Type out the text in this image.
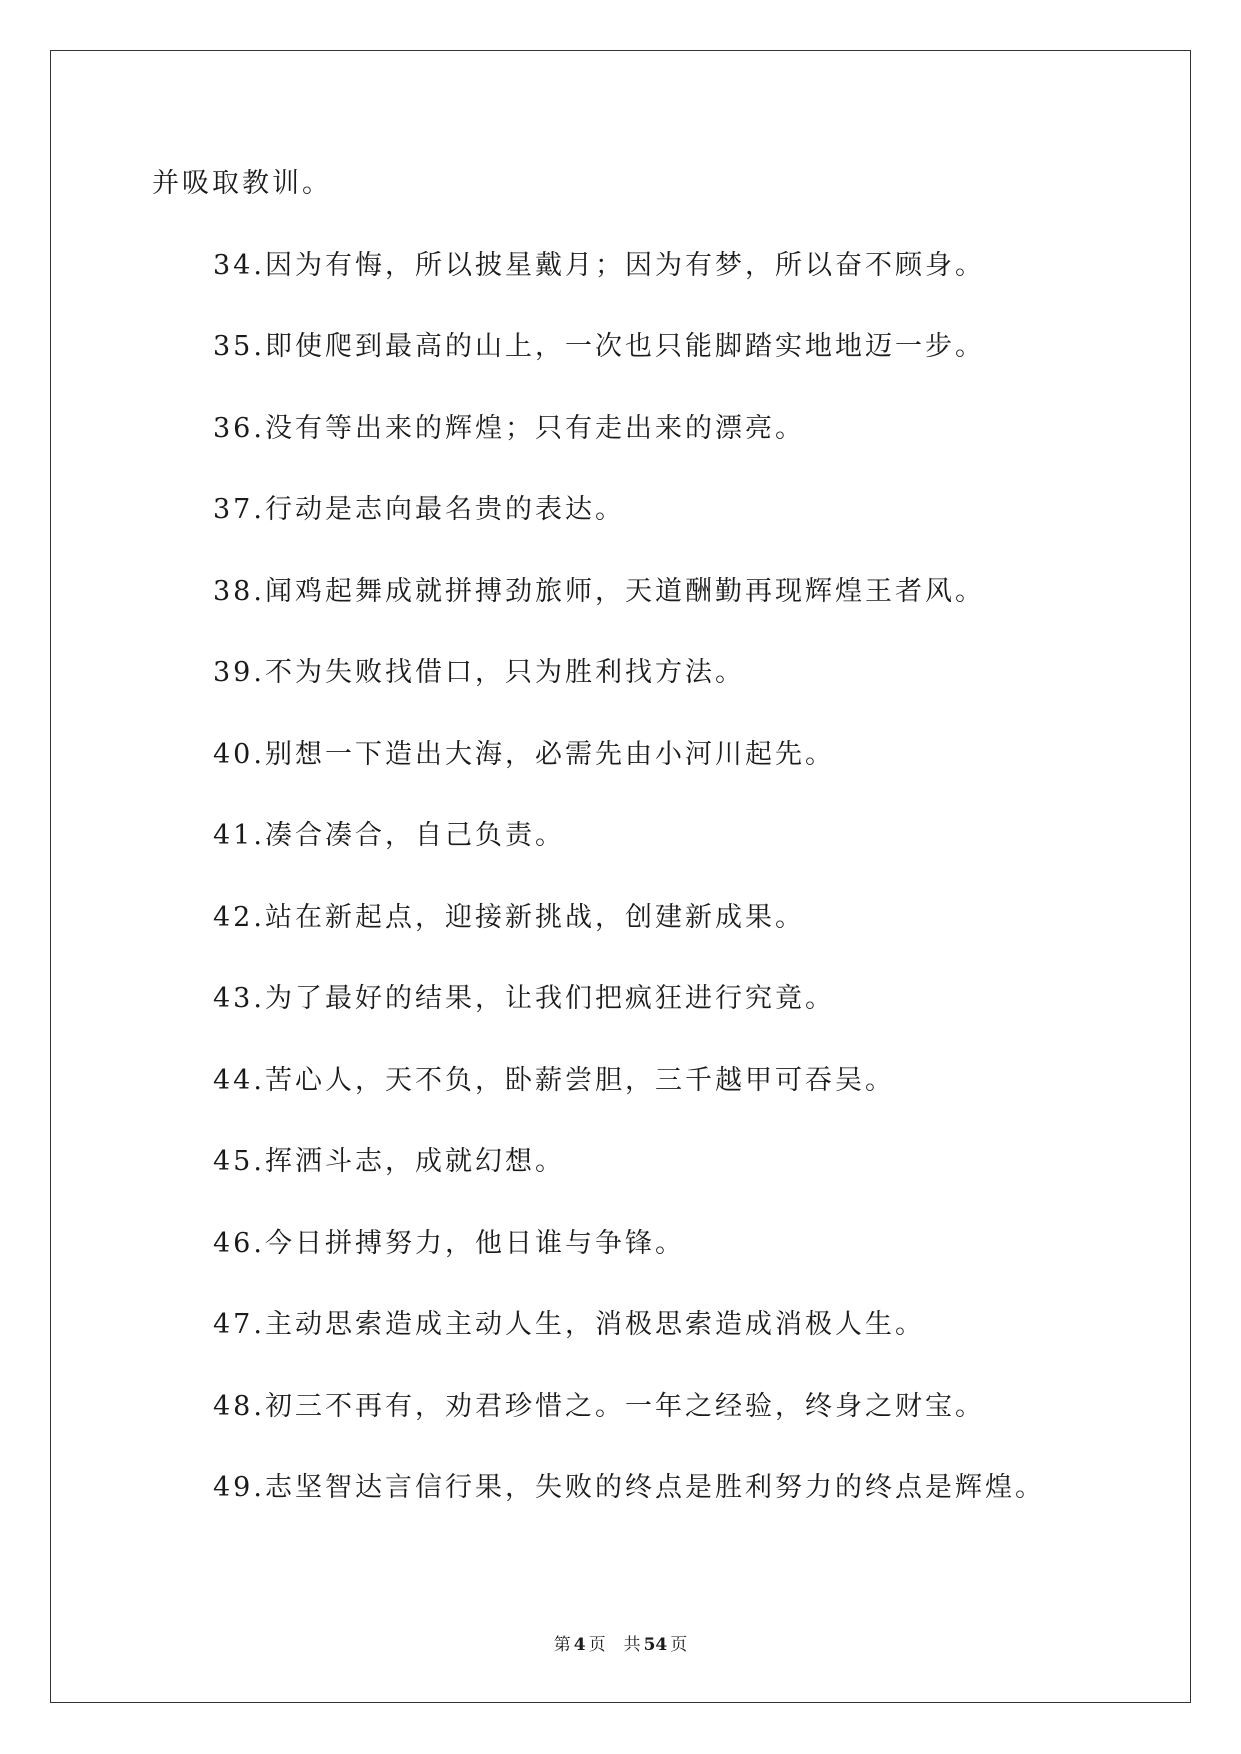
并吸取教训。
34.因为有悔，所以披星戴月；因为有梦，所以奋不顾身。
35.即使爬到最高的山上，一次也只能脚踏实地地迈一步。
36.没有等出来的辉煌；只有走出来的漂亮。
37.行动是志向最名贵的表达。
38.闻鸡起舞成就拼搏劲旅师，天道酬勤再现辉煌王者风。
39.不为失败找借口，只为胜利找方法。
40.别想一下造出大海，必需先由小河川起先。
41.凑合凑合，自己负责。
42.站在新起点，迎接新挑战，创建新成果。
43.为了最好的结果，让我们把疯狂进行究竟。
44.苦心人，天不负，卧薪尝胆，三千越甲可吞吴。
45.挥洒斗志，成就幻想。
46.今日拼搏努力，他日谁与争锋。
47.主动思索造成主动人生，消极思索造成消极人生。
48.初三不再有，劝君珍惜之。一年之经验，终身之财宝。
49.志坚智达言信行果，失败的终点是胜利努力的终点是辉煌。
第 4 页 共 54 页
